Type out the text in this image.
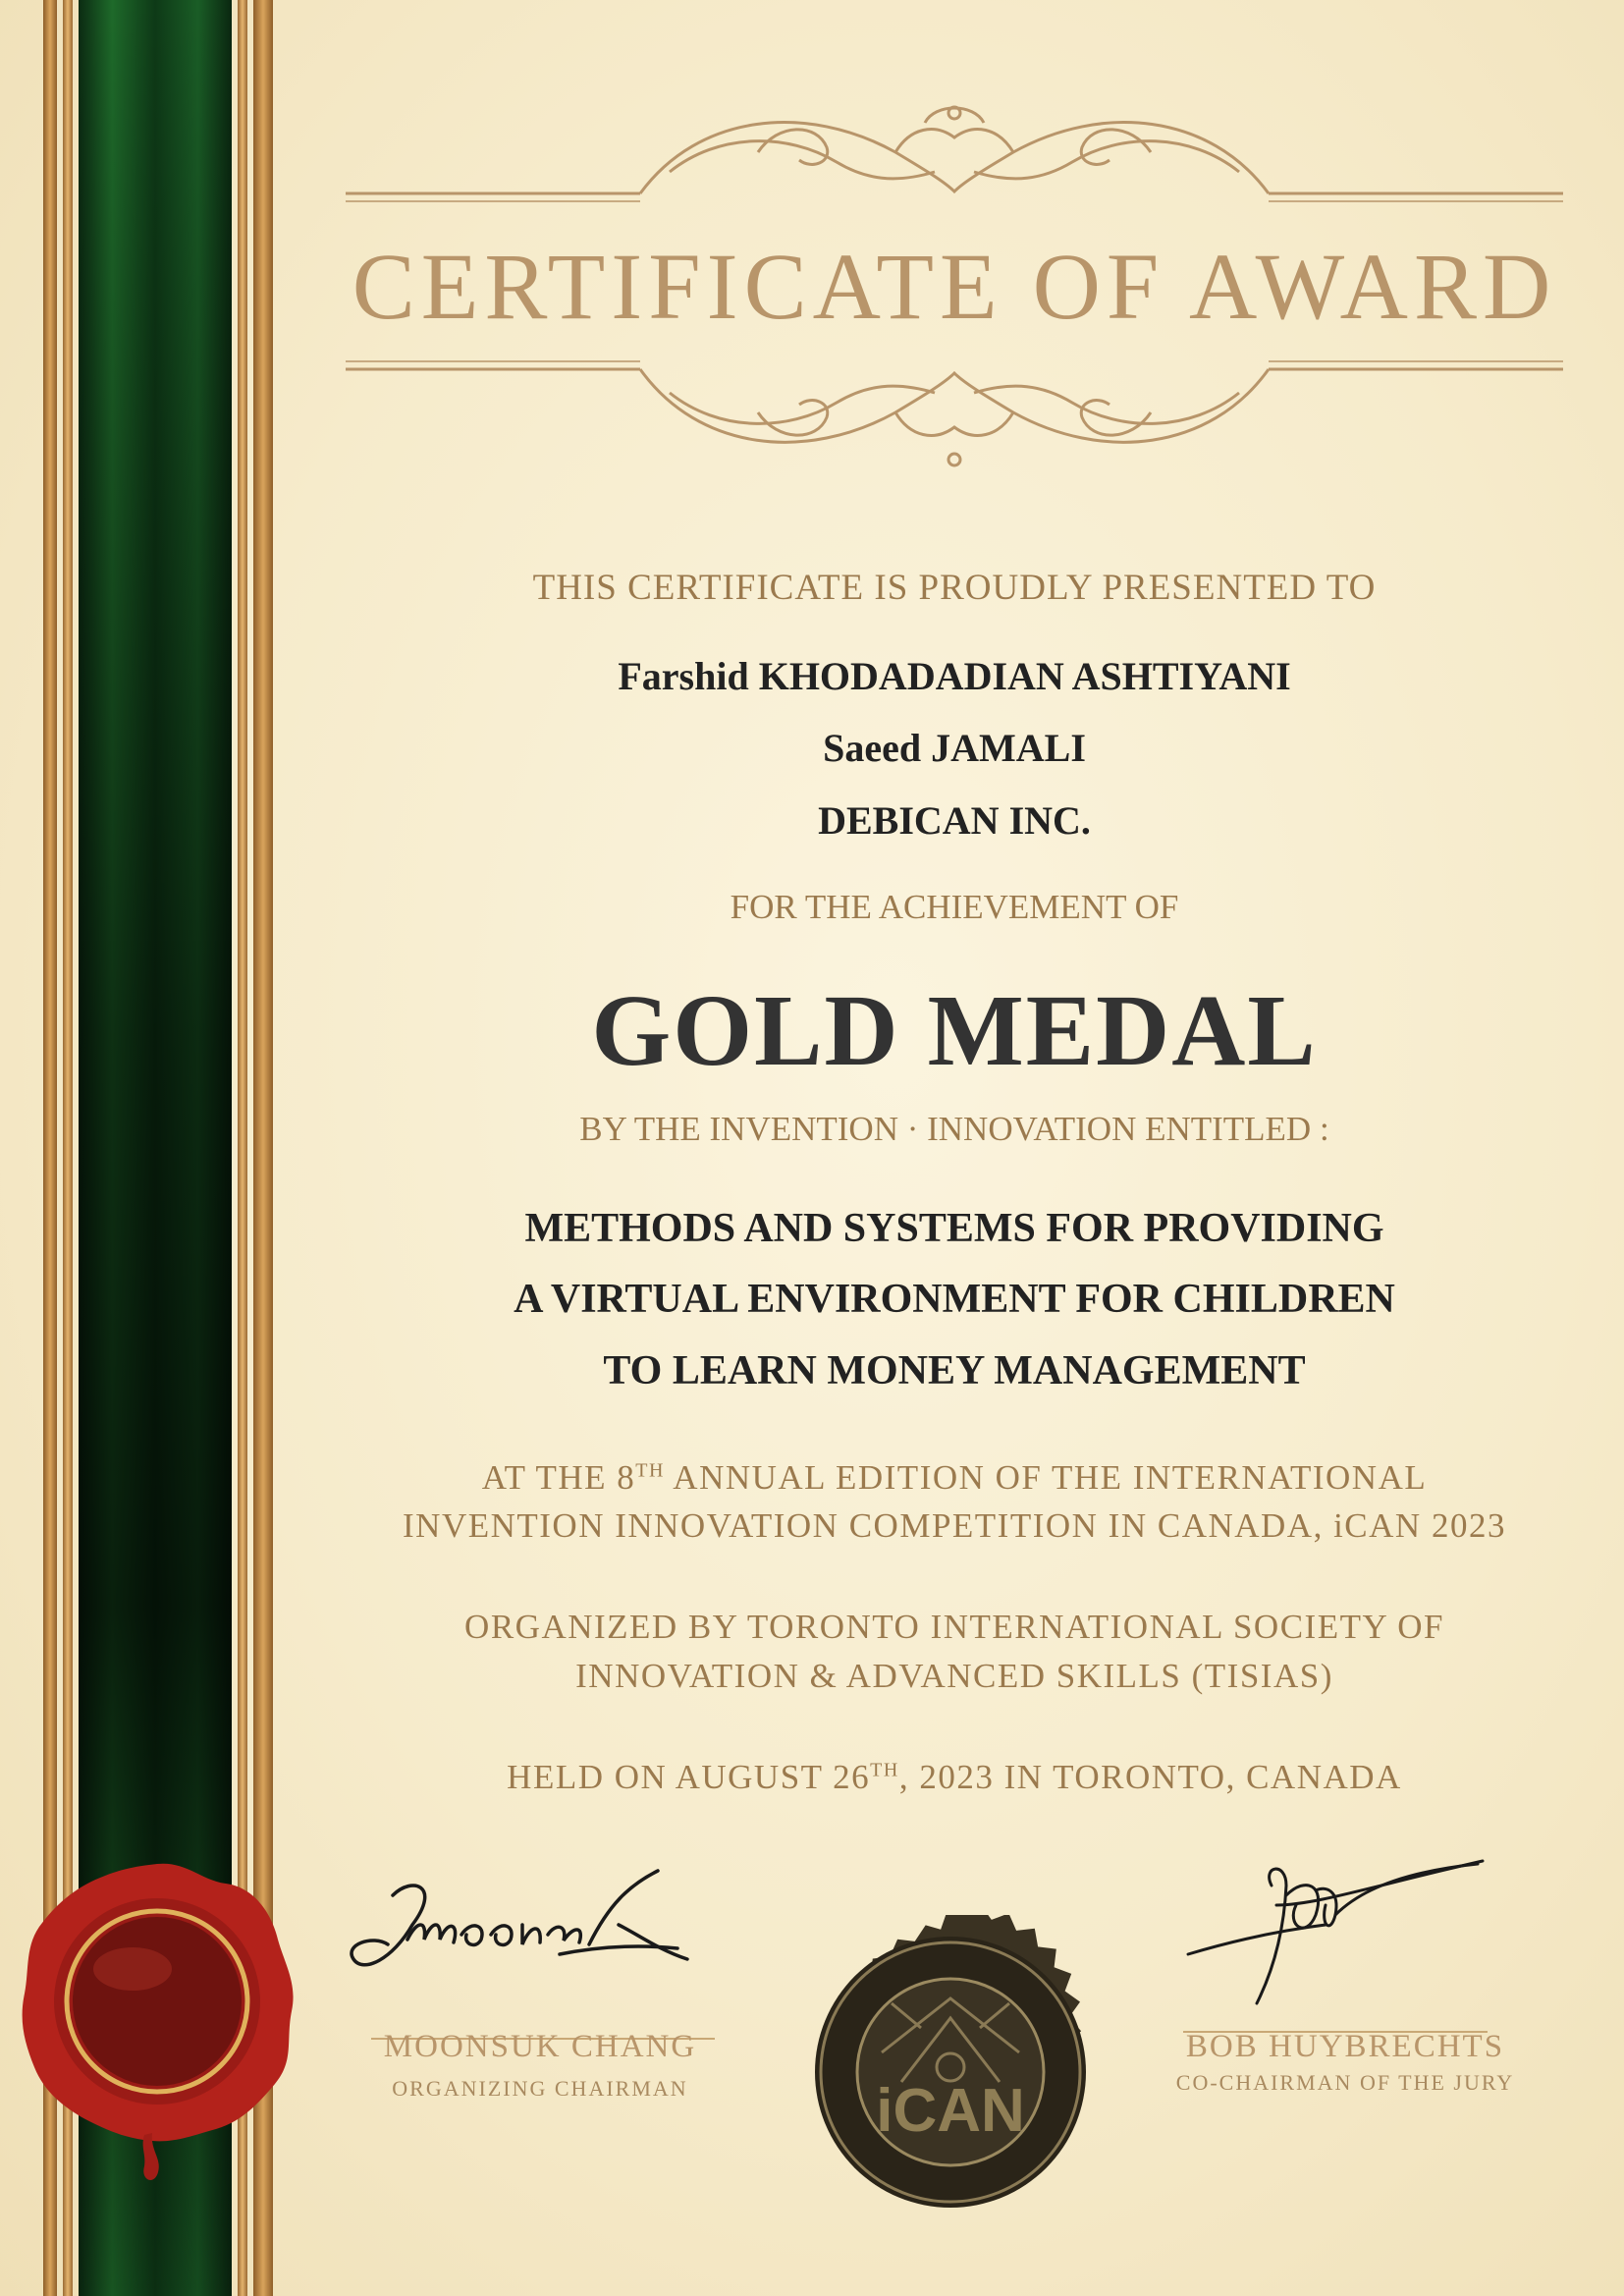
CERTIFICATE OF AWARD
THIS CERTIFICATE IS PROUDLY PRESENTED TO
Farshid KHODADADIAN ASHTIYANI
Saeed JAMALI
DEBICAN INC.
FOR THE ACHIEVEMENT OF
GOLD MEDAL
BY THE INVENTION · INNOVATION ENTITLED :
METHODS AND SYSTEMS FOR PROVIDING
A VIRTUAL ENVIRONMENT FOR CHILDREN
TO LEARN MONEY MANAGEMENT
AT THE 8TH ANNUAL EDITION OF THE INTERNATIONAL
INVENTION INNOVATION COMPETITION IN CANADA, iCAN 2023
ORGANIZED BY TORONTO INTERNATIONAL SOCIETY OF
INNOVATION & ADVANCED SKILLS (TISIAS)
HELD ON AUGUST 26TH, 2023 IN TORONTO, CANADA
MOONSUK CHANG
ORGANIZING CHAIRMAN	iCAN
BOB HUYBRECHTS
CO-CHAIRMAN OF THE JURY
